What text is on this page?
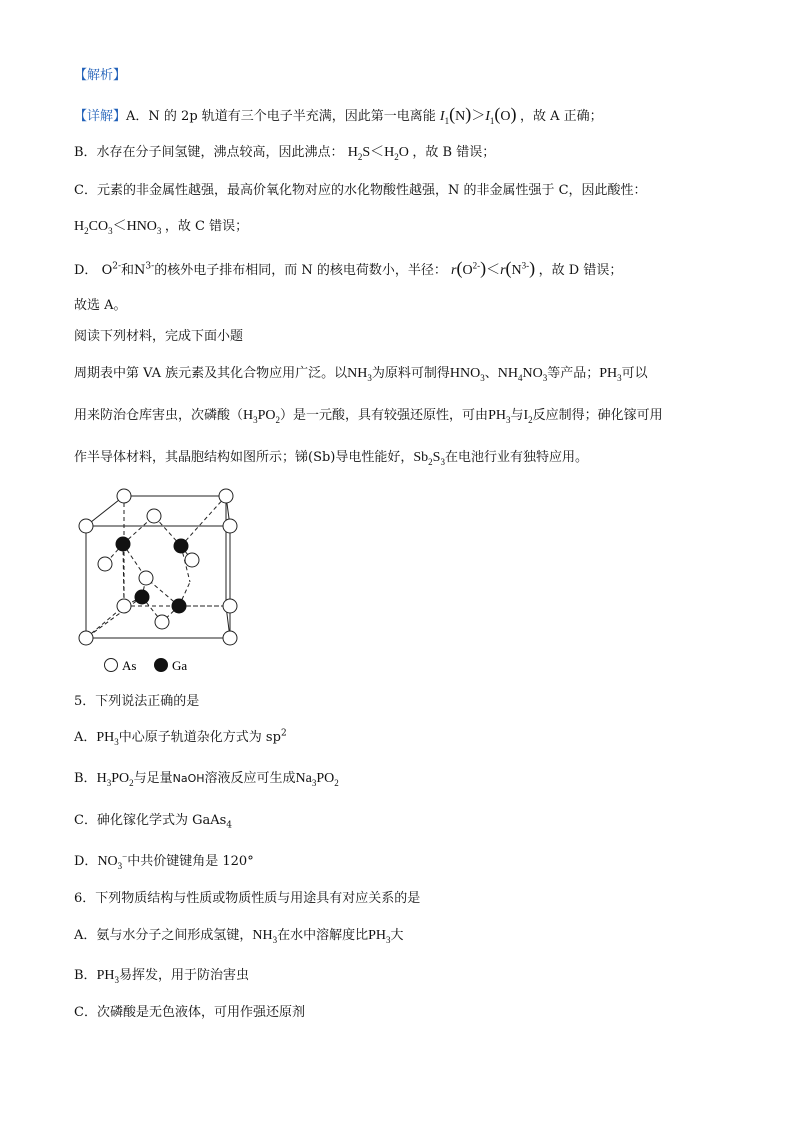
【解析】
【详解】A．N 的 2p 轨道有三个电子半充满，因此第一电离能 $I_1(N)>I_1(O)$ ，故 A 正确；
B．水存在分子间氢键，沸点较高，因此沸点： $H_2S<H_2O$ ，故 B 错误；
C．元素的非金属性越强，最高价氧化物对应的水化物酸性越强，N 的非金属性强于 C，因此酸性：
$H_2CO_3<HNO_3$ ，故 C 错误；
D． $O^{2-}$和$N^{3-}$的核外电子排布相同，而 N 的核电荷数小，半径： $r(O^{2-})<r(N^{3-})$ ，故 D 错误；
故选 A。
阅读下列材料，完成下面小题
周期表中第 VA 族元素及其化合物应用广泛。以$NH_3$为原料可制得$HNO_3$、$NH_4NO_3$等产品；$PH_3$可以
用来防治仓库害虫，次磷酸$(H_3PO_2)$是一元酸，具有较强还原性，可由$PH_3$与$I_2$反应制得；砷化镓可用
作半导体材料，其晶胞结构如图所示；锑(Sb)导电性能好，$Sb_2S_3$在电池行业有独特应用。
As	Ga
5．下列说法正确的是
A．$PH_3$中心原子轨道杂化方式为 $sp^2$
B．$H_3PO_2$与足量NaOH溶液反应可生成$Na_3PO_2$
C．砷化镓化学式为 GaAs$_4$
D．$NO_3^-$中共价键键角是 120°
6．下列物质结构与性质或物质性质与用途具有对应关系的是
A．氨与水分子之间形成氢键，$NH_3$在水中溶解度比$PH_3$大
B．$PH_3$易挥发，用于防治害虫
C．次磷酸是无色液体，可用作强还原剂
